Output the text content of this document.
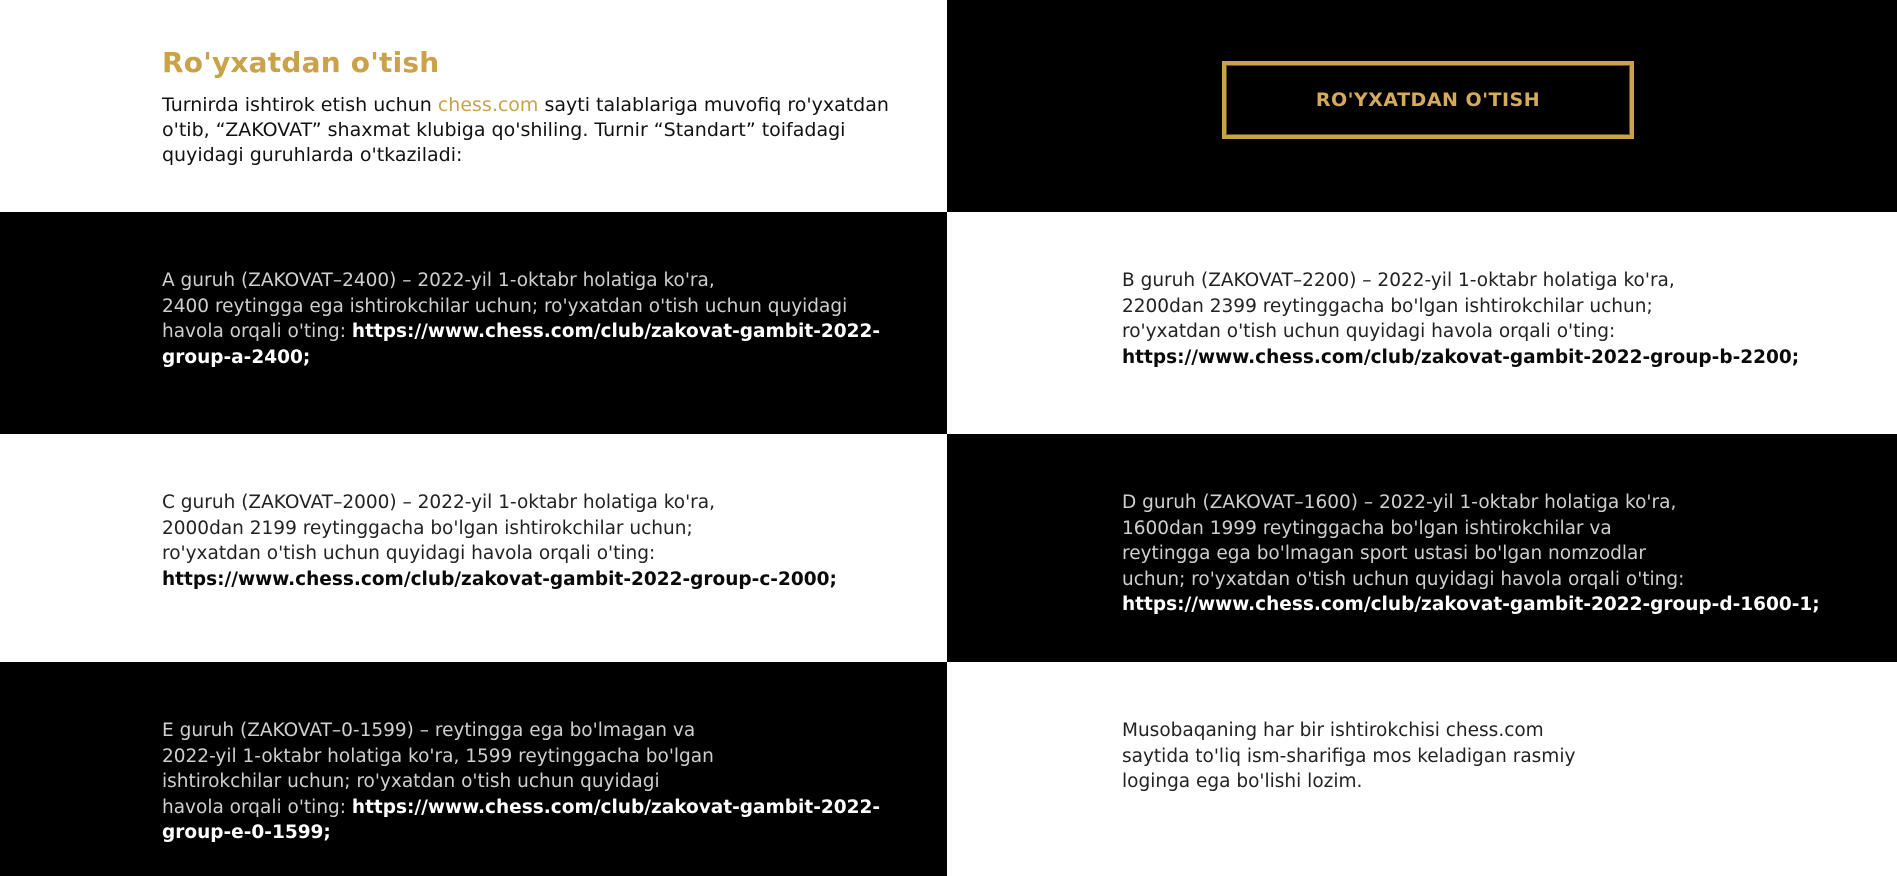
Ro'yxatdan o'tish

Turnirda ishtirok etish uchun chess.com sayti talablariga muvofiq ro'yxatdan
o'tib, “ZAKOVAT” shaxmat klubiga qo'shiling. Turnir “Standart” toifadagi
quyidagi guruhlarda o'tkaziladi:

RO'YXATDAN O'TISH
A guruh (ZAKOVAT–2400) – 2022-yil 1-oktabr holatiga ko'ra,
2400 reytingga ega ishtirokchilar uchun; ro'yxatdan o'tish uchun quyidagi
havola orqali o'ting: https://www.chess.com/club/zakovat-gambit-2022-
group-a-2400;
B guruh (ZAKOVAT–2200) – 2022-yil 1-oktabr holatiga ko'ra,
2200dan 2399 reytinggacha bo'lgan ishtirokchilar uchun;
ro'yxatdan o'tish uchun quyidagi havola orqali o'ting:
https://www.chess.com/club/zakovat-gambit-2022-group-b-2200;
C guruh (ZAKOVAT–2000) – 2022-yil 1-oktabr holatiga ko'ra,
2000dan 2199 reytinggacha bo'lgan ishtirokchilar uchun;
ro'yxatdan o'tish uchun quyidagi havola orqali o'ting:
https://www.chess.com/club/zakovat-gambit-2022-group-c-2000;
D guruh (ZAKOVAT–1600) – 2022-yil 1-oktabr holatiga ko'ra,
1600dan 1999 reytinggacha bo'lgan ishtirokchilar va
reytingga ega bo'lmagan sport ustasi bo'lgan nomzodlar
uchun; ro'yxatdan o'tish uchun quyidagi havola orqali o'ting:
https://www.chess.com/club/zakovat-gambit-2022-group-d-1600-1;
E guruh (ZAKOVAT–0-1599) – reytingga ega bo'lmagan va
2022-yil 1-oktabr holatiga ko'ra, 1599 reytinggacha bo'lgan
ishtirokchilar uchun; ro'yxatdan o'tish uchun quyidagi
havola orqali o'ting: https://www.chess.com/club/zakovat-gambit-2022-
group-e-0-1599;
Musobaqaning har bir ishtirokchisi chess.com
saytida to'liq ism-sharifiga mos keladigan rasmiy
loginga ega bo'lishi lozim.
